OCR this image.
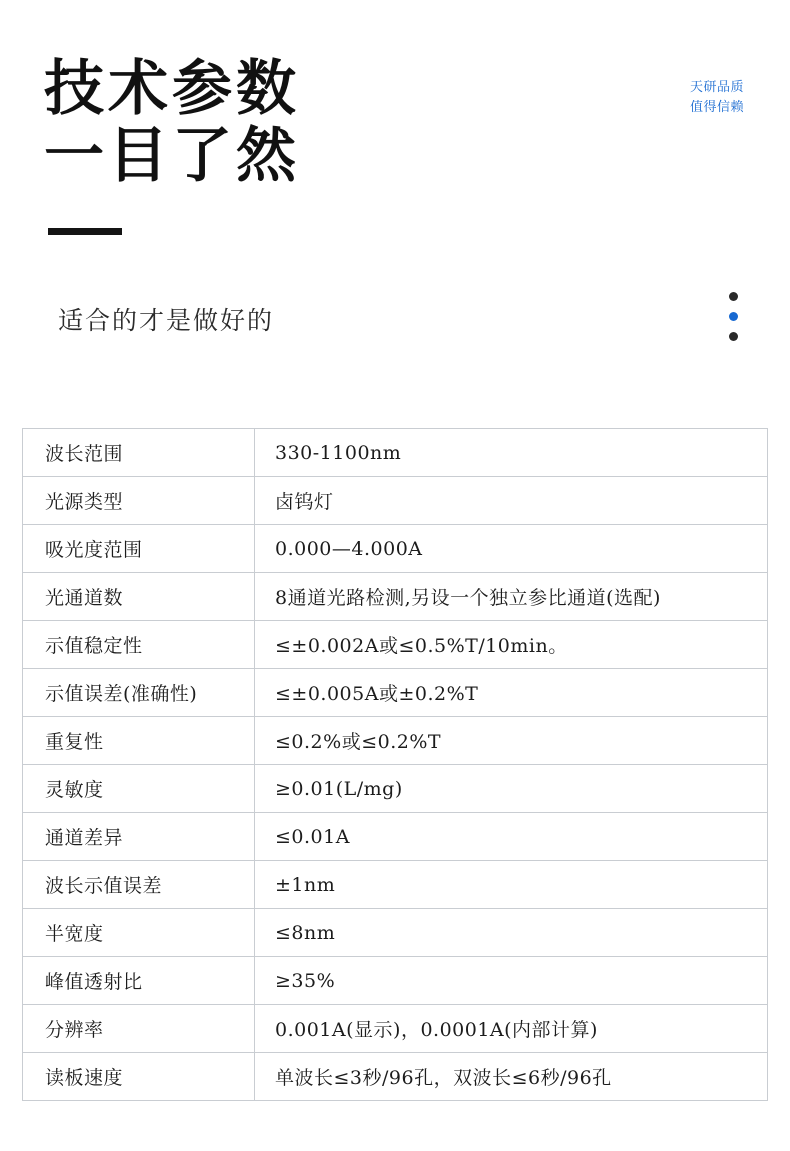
技术参数
一目了然
天研品质
值得信赖
适合的才是做好的
波长范围	330-1100nm
光源类型	卤钨灯
吸光度范围	0.000—4.000A
光通道数	8通道光路检测,另设一个独立参比通道(选配)
示值稳定性	≤±0.002A或≤0.5%T/10min。
示值误差(准确性)	≤±0.005A或±0.2%T
重复性	≤0.2%或≤0.2%T
灵敏度	≥0.01(L/mg)
通道差异	≤0.01A
波长示值误差	±1nm
半宽度	≤8nm
峰值透射比	≥35%
分辨率	0.001A(显示)，0.0001A(内部计算)
读板速度	单波长≤3秒/96孔，双波长≤6秒/96孔
